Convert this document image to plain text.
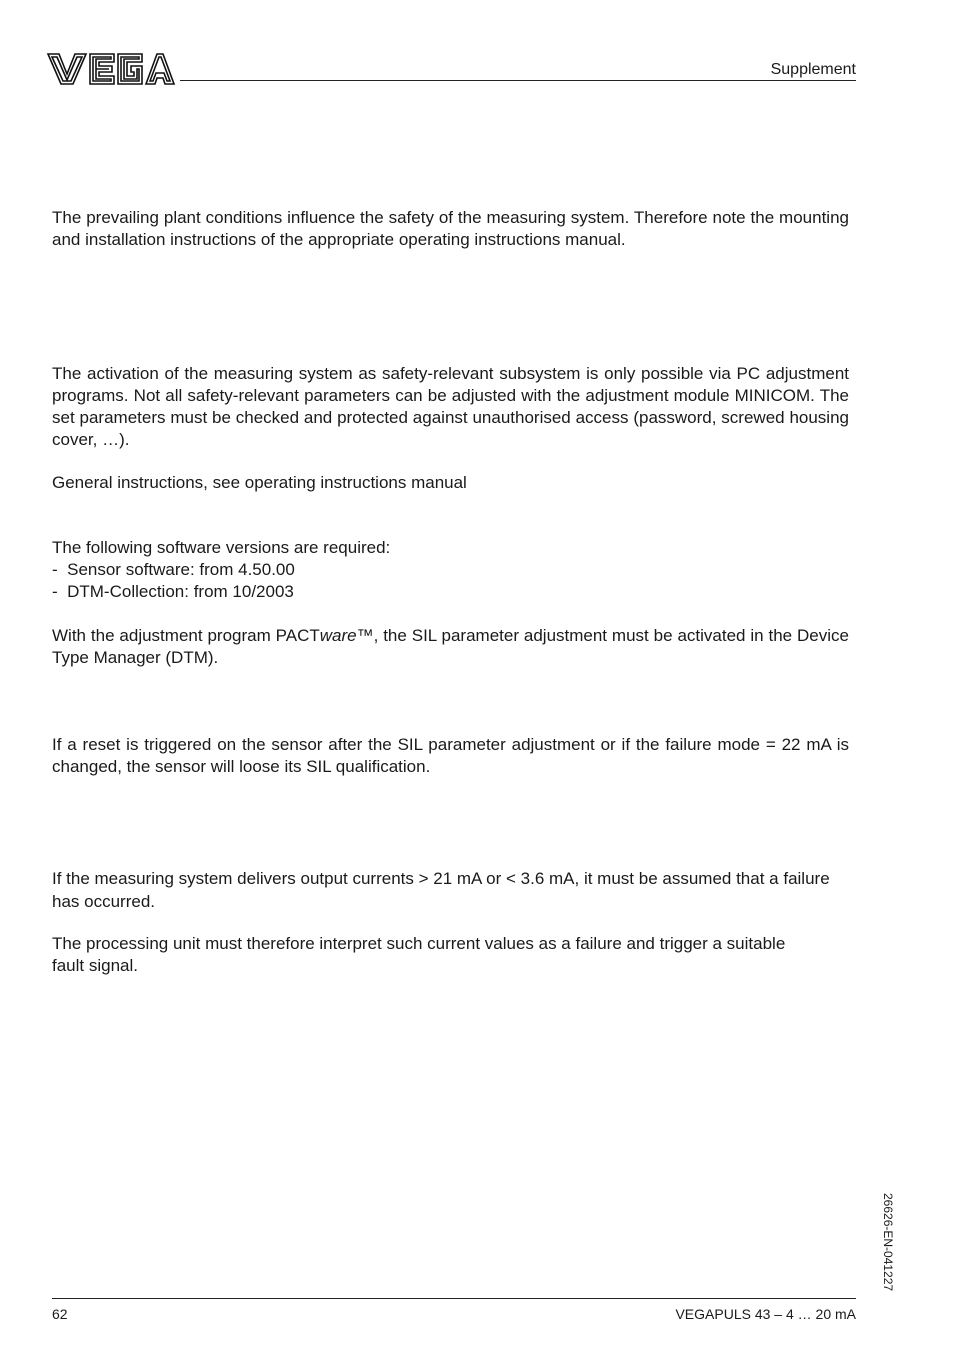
Supplement

The prevailing plant conditions influence the safety of the measuring system. Therefore note the mounting and installation instructions of the appropriate operating instructions manual.

The activation of the measuring system as safety-relevant subsystem is only possible via PC adjustment programs. Not all safety-relevant parameters can be adjusted with the adjustment module MINICOM. The set parameters must be checked and protected against unauthorised access (password, screwed housing cover, …).

General instructions, see operating instructions manual

The following software versions are required:

- Sensor software: from 4.50.00
- DTM-Collection: from 10/2003

With the adjustment program PACTware™, the SIL parameter adjustment must be activated in the Device Type Manager (DTM).

If a reset is triggered on the sensor after the SIL parameter adjustment or if the failure mode = 22 mA is changed, the sensor will loose its SIL qualification.

If the measuring system delivers output currents > 21 mA or < 3.6 mA, it must be assumed that a failure has occurred.

The processing unit must therefore interpret such current values as a failure and trigger a suitable fault signal.

26626-EN-041227
62	VEGAPULS 43 – 4 … 20 mA
